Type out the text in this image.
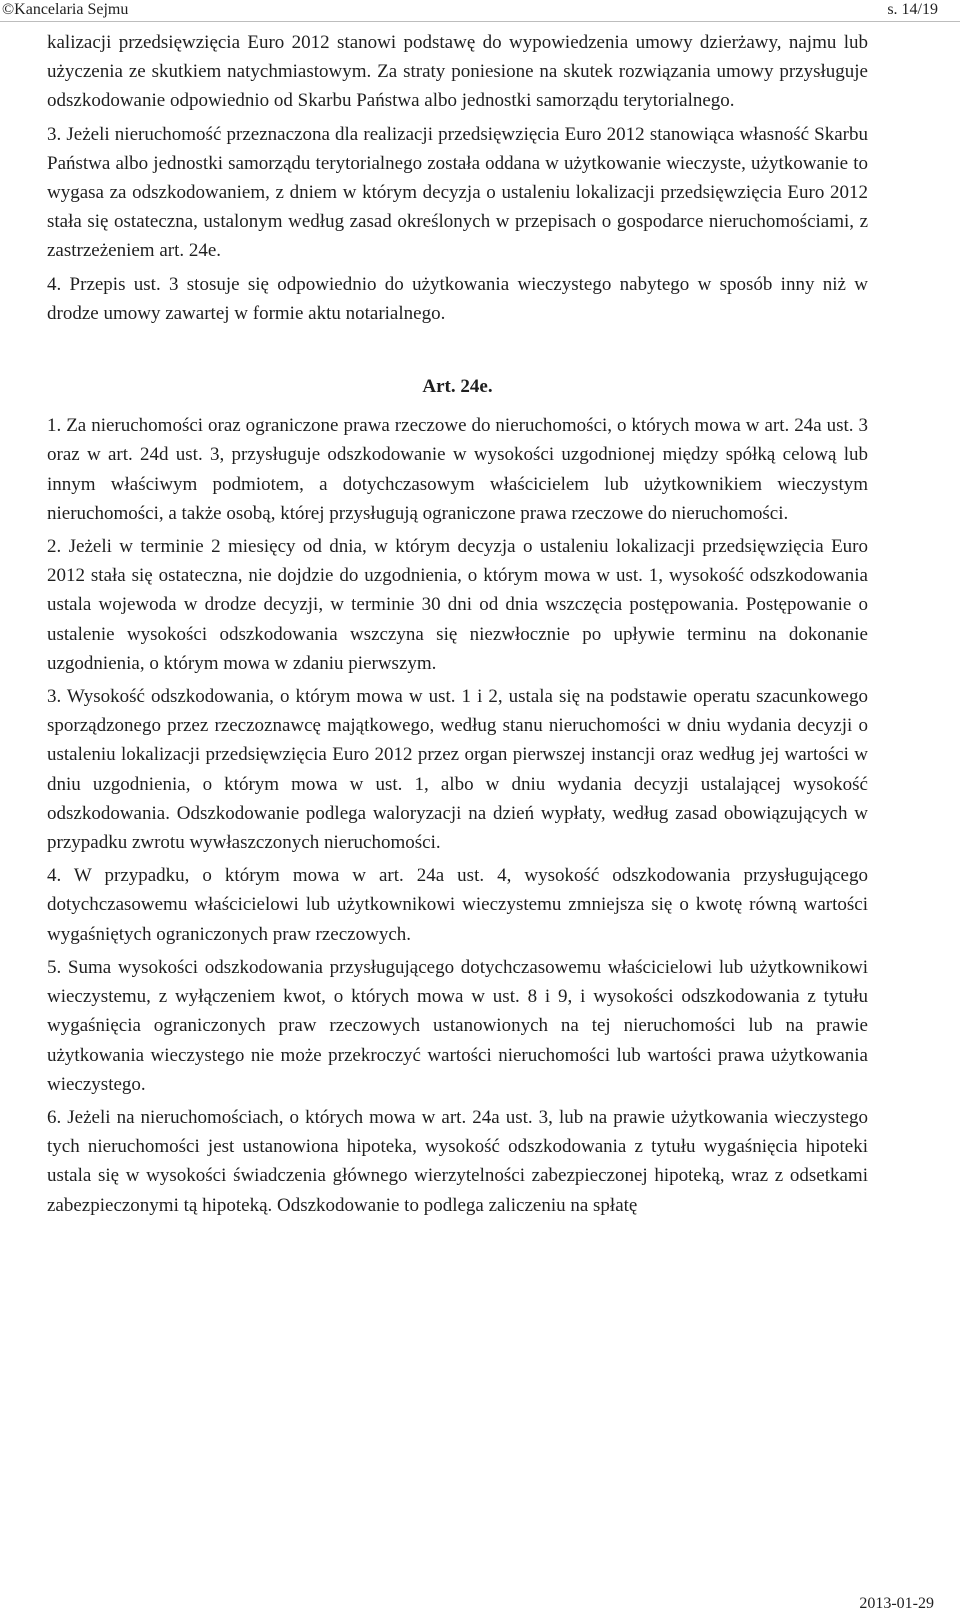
©Kancelaria Sejmu	s. 14/19

kalizacji przedsięwzięcia Euro 2012 stanowi podstawę do wypowiedzenia umowy dzierżawy, najmu lub użyczenia ze skutkiem natychmiastowym. Za straty poniesione na skutek rozwiązania umowy przysługuje odszkodowanie odpowiednio od Skarbu Państwa albo jednostki samorządu terytorialnego.

3. Jeżeli nieruchomość przeznaczona dla realizacji przedsięwzięcia Euro 2012 stanowiąca własność Skarbu Państwa albo jednostki samorządu terytorialnego została oddana w użytkowanie wieczyste, użytkowanie to wygasa za odszkodowaniem, z dniem w którym decyzja o ustaleniu lokalizacji przedsięwzięcia Euro 2012 stała się ostateczna, ustalonym według zasad określonych w przepisach o gospodarce nieruchomościami, z zastrzeżeniem art. 24e.

4. Przepis ust. 3 stosuje się odpowiednio do użytkowania wieczystego nabytego w sposób inny niż w drodze umowy zawartej w formie aktu notarialnego.

Art. 24e.

1. Za nieruchomości oraz ograniczone prawa rzeczowe do nieruchomości, o których mowa w art. 24a ust. 3 oraz w art. 24d ust. 3, przysługuje odszkodowanie w wysokości uzgodnionej między spółką celową lub innym właściwym podmiotem, a dotychczasowym właścicielem lub użytkownikiem wieczystym nieruchomości, a także osobą, której przysługują ograniczone prawa rzeczowe do nieruchomości.

2. Jeżeli w terminie 2 miesięcy od dnia, w którym decyzja o ustaleniu lokalizacji przedsięwzięcia Euro 2012 stała się ostateczna, nie dojdzie do uzgodnienia, o którym mowa w ust. 1, wysokość odszkodowania ustala wojewoda w drodze decyzji, w terminie 30 dni od dnia wszczęcia postępowania. Postępowanie o ustalenie wysokości odszkodowania wszczyna się niezwłocznie po upływie terminu na dokonanie uzgodnienia, o którym mowa w zdaniu pierwszym.

3. Wysokość odszkodowania, o którym mowa w ust. 1 i 2, ustala się na podstawie operatu szacunkowego sporządzonego przez rzeczoznawcę majątkowego, według stanu nieruchomości w dniu wydania decyzji o ustaleniu lokalizacji przedsięwzięcia Euro 2012 przez organ pierwszej instancji oraz według jej wartości w dniu uzgodnienia, o którym mowa w ust. 1, albo w dniu wydania decyzji ustalającej wysokość odszkodowania. Odszkodowanie podlega waloryzacji na dzień wypłaty, według zasad obowiązujących w przypadku zwrotu wywłaszczonych nieruchomości.

4. W przypadku, o którym mowa w art. 24a ust. 4, wysokość odszkodowania przysługującego dotychczasowemu właścicielowi lub użytkownikowi wieczystemu zmniejsza się o kwotę równą wartości wygaśniętych ograniczonych praw rzeczowych.

5. Suma wysokości odszkodowania przysługującego dotychczasowemu właścicielowi lub użytkownikowi wieczystemu, z wyłączeniem kwot, o których mowa w ust. 8 i 9, i wysokości odszkodowania z tytułu wygaśnięcia ograniczonych praw rzeczowych ustanowionych na tej nieruchomości lub na prawie użytkowania wieczystego nie może przekroczyć wartości nieruchomości lub wartości prawa użytkowania wieczystego.

6. Jeżeli na nieruchomościach, o których mowa w art. 24a ust. 3, lub na prawie użytkowania wieczystego tych nieruchomości jest ustanowiona hipoteka, wysokość odszkodowania z tytułu wygaśnięcia hipoteki ustala się w wysokości świadczenia głównego wierzytelności zabezpieczonej hipoteką, wraz z odsetkami zabezpieczonymi tą hipoteką. Odszkodowanie to podlega zaliczeniu na spłatę

2013-01-29
